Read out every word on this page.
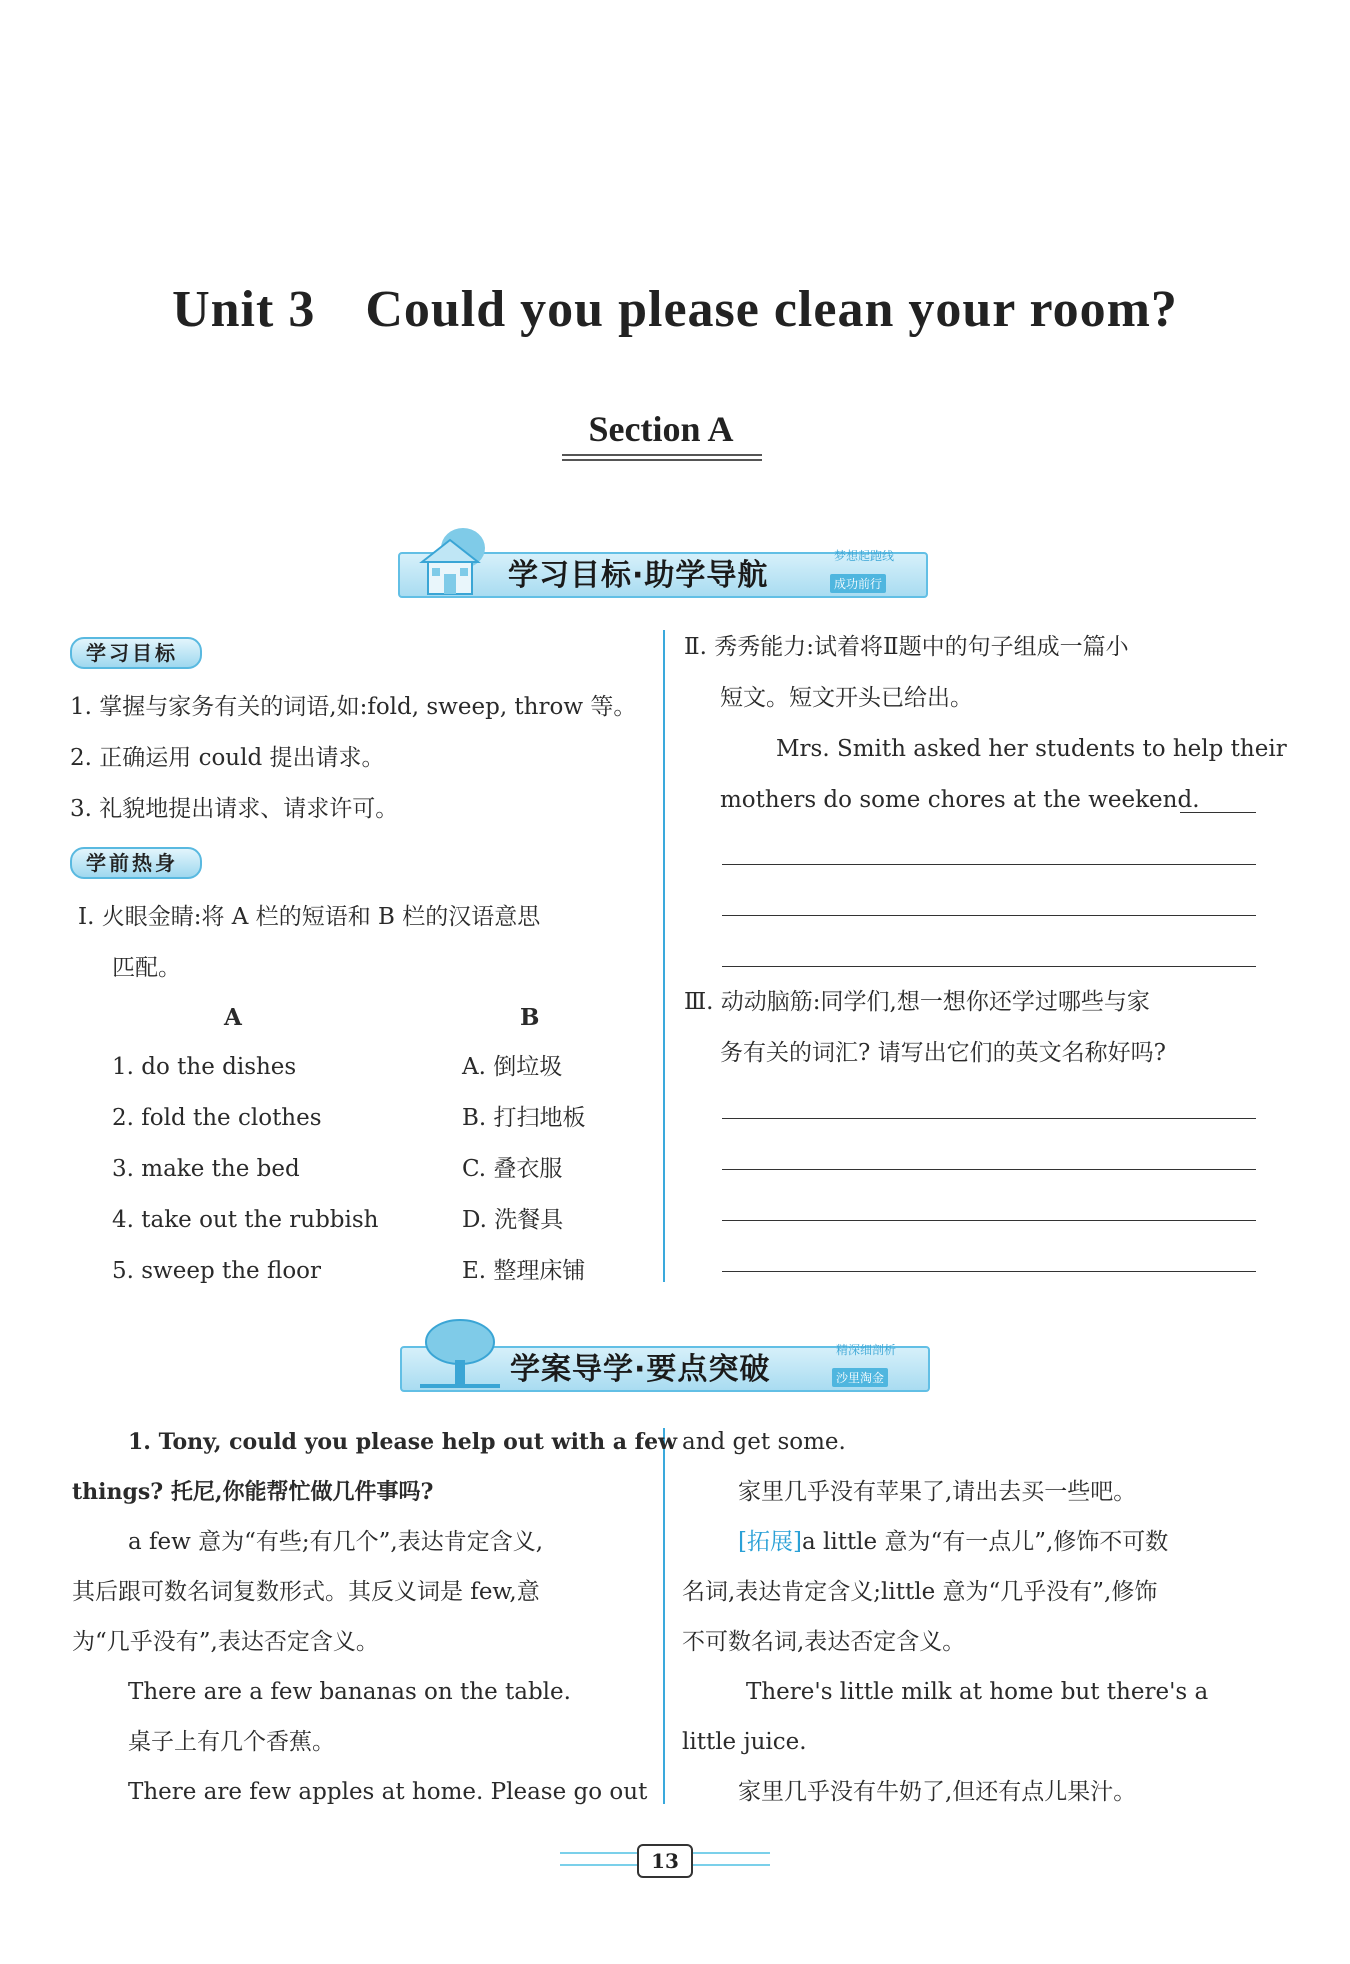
Unit 3 Could you please clean your room?
Section A
学习目标·助学导航
梦想起跑线
成功前行
学习目标
1. 掌握与家务有关的词语,如:fold, sweep, throw 等。
2. 正确运用 could 提出请求。
3. 礼貌地提出请求、请求许可。
学前热身
Ⅰ. 火眼金睛:将 A 栏的短语和 B 栏的汉语意思
匹配。
A	B
1. do the dishes
2. fold the clothes
3. make the bed
4. take out the rubbish
5. sweep the floor
A. 倒垃圾
B. 打扫地板
C. 叠衣服
D. 洗餐具
E. 整理床铺
Ⅱ. 秀秀能力:试着将Ⅱ题中的句子组成一篇小
短文。短文开头已给出。
Mrs. Smith asked her students to help their
mothers do some chores at the weekend.
Ⅲ. 动动脑筋:同学们,想一想你还学过哪些与家
务有关的词汇? 请写出它们的英文名称好吗?
学案导学·要点突破
精深细剖析
沙里淘金
1. Tony, could you please help out with a few
things? 托尼,你能帮忙做几件事吗?
a few 意为“有些;有几个”,表达肯定含义,
其后跟可数名词复数形式。其反义词是 few,意
为“几乎没有”,表达否定含义。
There are a few bananas on the table.
桌子上有几个香蕉。
There are few apples at home. Please go out
and get some.
家里几乎没有苹果了,请出去买一些吧。
[拓展]a little 意为“有一点儿”,修饰不可数
名词,表达肯定含义;little 意为“几乎没有”,修饰
不可数名词,表达否定含义。
There's little milk at home but there's a
little juice.
家里几乎没有牛奶了,但还有点儿果汁。
13
